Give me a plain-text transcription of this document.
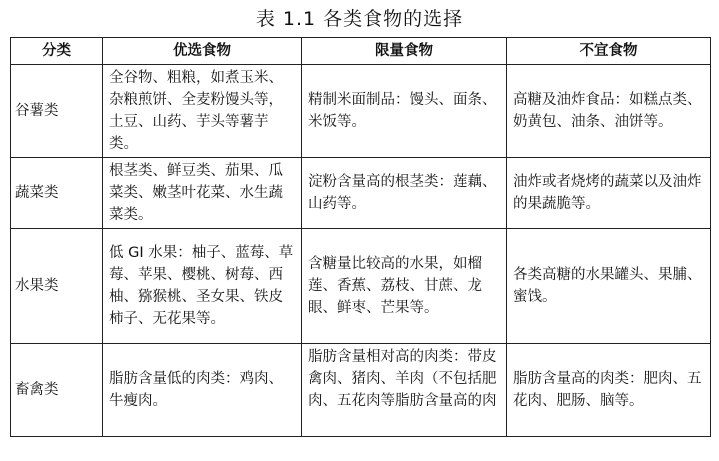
表 1.1 各类食物的选择

分类	优选食物	限量食物	不宜食物
谷薯类	全谷物、粗粮，如煮玉米、杂粮煎饼、全麦粉馒头等，土豆、山药、芋头等薯芋类。	精制米面制品：馒头、面条、米饭等。	高糖及油炸食品：如糕点类、奶黄包、油条、油饼等。
蔬菜类	根茎类、鲜豆类、茄果、瓜菜类、嫩茎叶花菜、水生蔬菜类。	淀粉含量高的根茎类：莲藕、山药等。	油炸或者烧烤的蔬菜以及油炸的果蔬脆等。
水果类	低 GI 水果：柚子、蓝莓、草莓、苹果、樱桃、树莓、西柚、猕猴桃、圣女果、铁皮柿子、无花果等。	含糖量比较高的水果，如榴莲、香蕉、荔枝、甘蔗、龙眼、鲜枣、芒果等。	各类高糖的水果罐头、果脯、蜜饯。
畜禽类	脂肪含量低的肉类：鸡肉、牛瘦肉。	脂肪含量相对高的肉类：带皮禽肉、猪肉、羊肉（不包括肥肉、五花肉等脂肪含量高的肉	脂肪含量高的肉类：肥肉、五花肉、肥肠、脑等。
